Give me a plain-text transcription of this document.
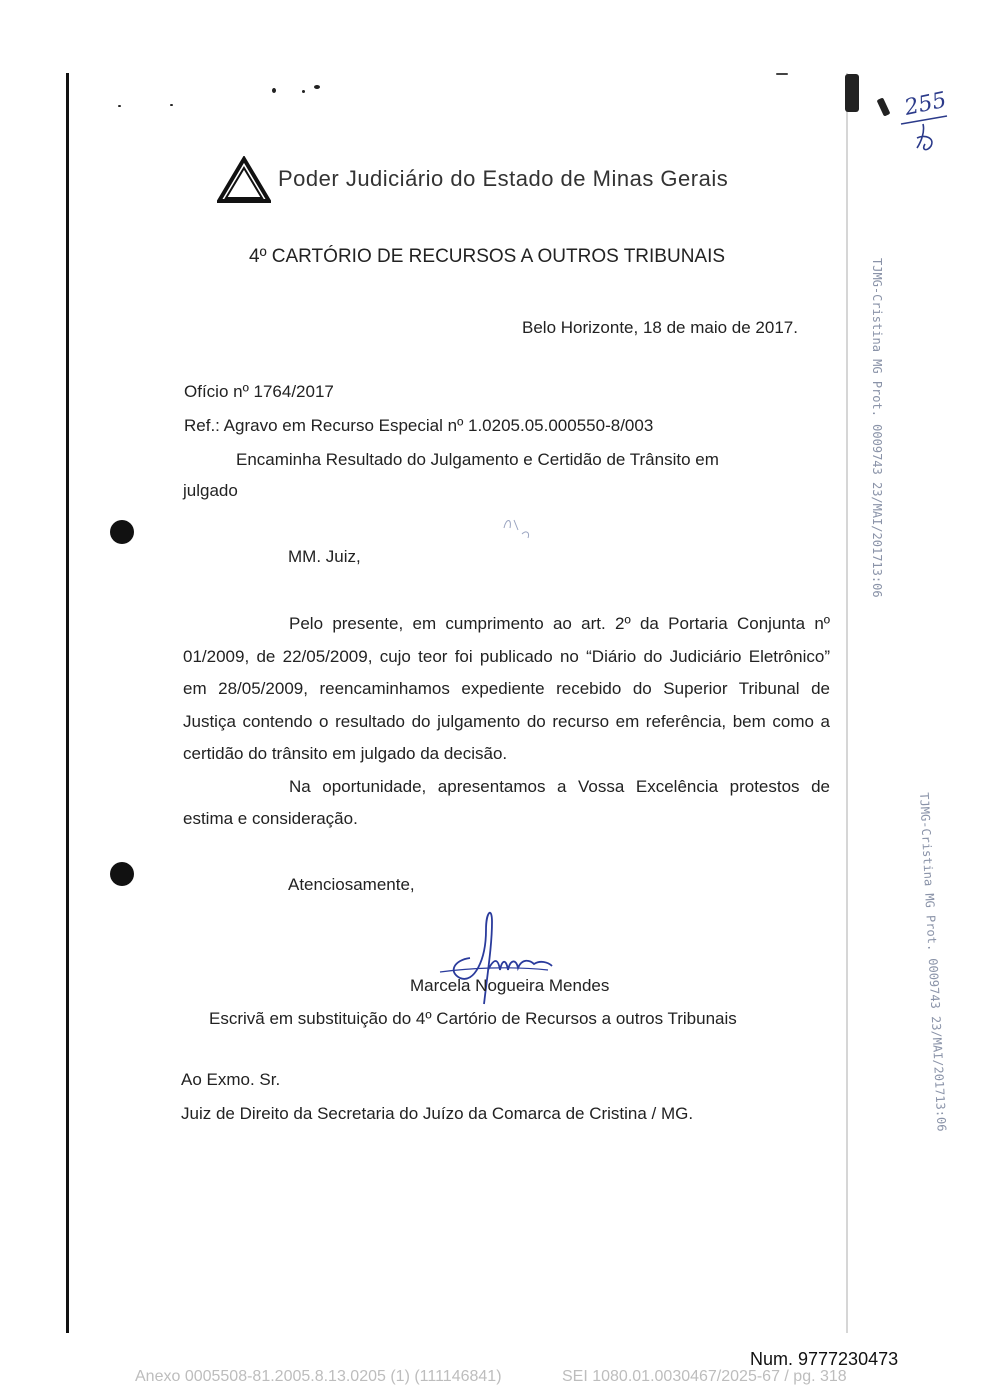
255
Poder Judiciário do Estado de Minas Gerais
4º CARTÓRIO DE RECURSOS A OUTROS TRIBUNAIS
Belo Horizonte, 18 de maio de 2017.
Ofício nº 1764/2017
Ref.: Agravo em Recurso Especial nº 1.0205.05.000550-8/003
Encaminha Resultado do Julgamento e Certidão de Trânsito em
julgado
MM. Juiz,

Pelo presente, em cumprimento ao art. 2º da Portaria Conjunta nº 01/2009, de 22/05/2009, cujo teor foi publicado no “Diário do Judiciário Eletrônico” em 28/05/2009, reencaminhamos expediente recebido do Superior Tribunal de Justiça contendo o resultado do julgamento do recurso em referência, bem como a certidão do trânsito em julgado da decisão.

Na oportunidade, apresentamos a Vossa Excelência protestos de estima e consideração.

Atenciosamente,
Marcela Nogueira Mendes
Escrivã em substituição do 4º Cartório de Recursos a outros Tribunais
Ao Exmo. Sr.
Juiz de Direito da Secretaria do Juízo da Comarca de Cristina / MG.
TJMG-Cristina MG Prot. 0009743 23/MAI/201713:06
TJMG-Cristina MG Prot. 0009743 23/MAI/201713:06
Num. 9777230473
Anexo 0005508-81.2005.8.13.0205 (1) (111146841)	SEI 1080.01.0030467/2025-67 / pg. 318
